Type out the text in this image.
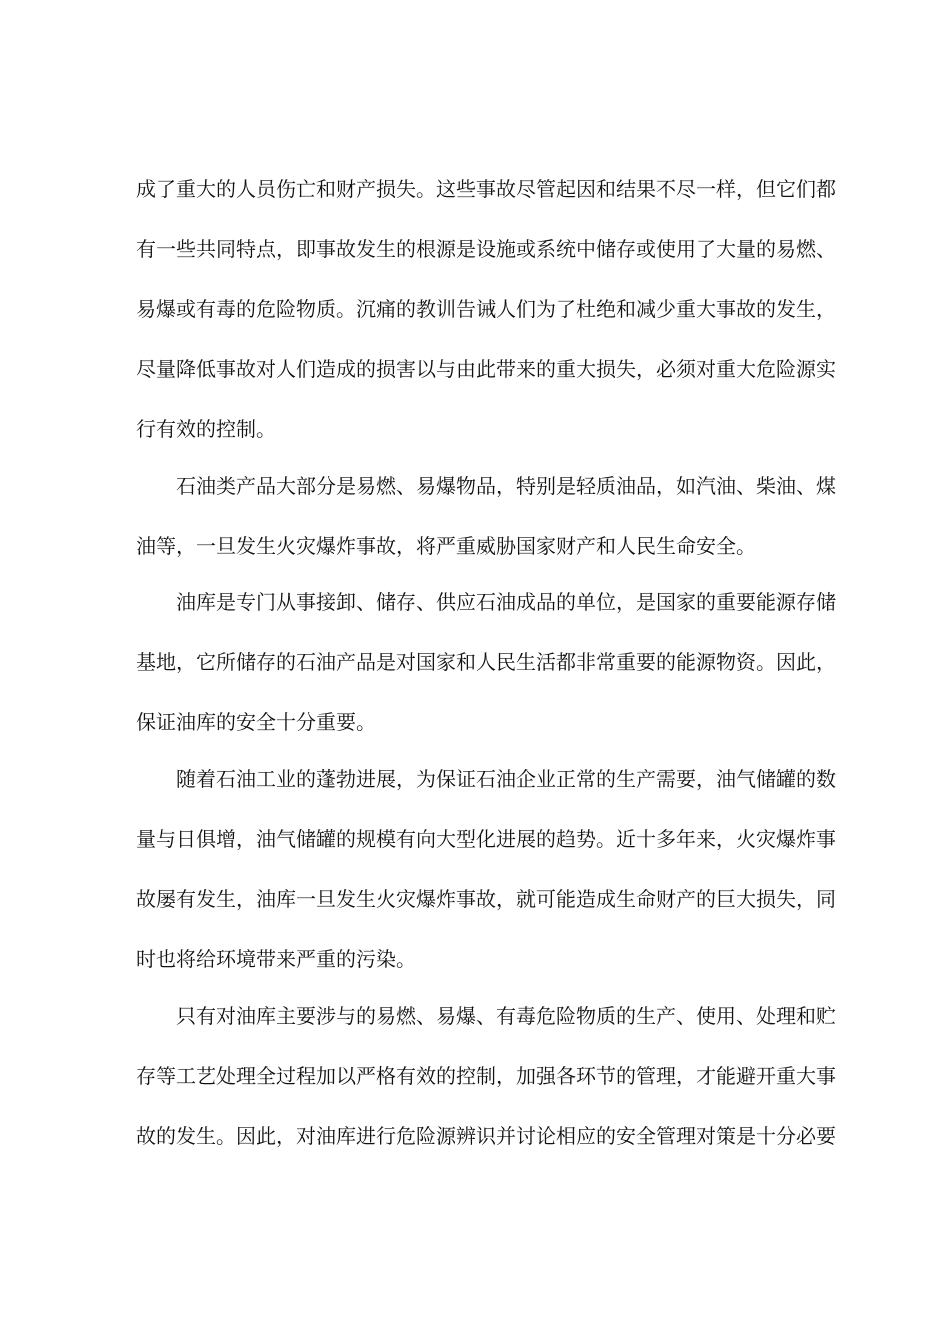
成了重大的人员伤亡和财产损失。这些事故尽管起因和结果不尽一样，但它们都
有一些共同特点，即事故发生的根源是设施或系统中储存或使用了大量的易燃、
易爆或有毒的危险物质。沉痛的教训告诫人们为了杜绝和减少重大事故的发生，
尽量降低事故对人们造成的损害以与由此带来的重大损失，必须对重大危险源实
行有效的控制。
石油类产品大部分是易燃、易爆物品，特别是轻质油品，如汽油、柴油、煤
油等，一旦发生火灾爆炸事故，将严重威胁国家财产和人民生命安全。
油库是专门从事接卸、储存、供应石油成品的单位，是国家的重要能源存储
基地，它所储存的石油产品是对国家和人民生活都非常重要的能源物资。因此，
保证油库的安全十分重要。
随着石油工业的蓬勃进展，为保证石油企业正常的生产需要，油气储罐的数
量与日俱增，油气储罐的规模有向大型化进展的趋势。近十多年来，火灾爆炸事
故屡有发生，油库一旦发生火灾爆炸事故，就可能造成生命财产的巨大损失，同
时也将给环境带来严重的污染。
只有对油库主要涉与的易燃、易爆、有毒危险物质的生产、使用、处理和贮
存等工艺处理全过程加以严格有效的控制，加强各环节的管理，才能避开重大事
故的发生。因此，对油库进行危险源辨识并讨论相应的安全管理对策是十分必要
